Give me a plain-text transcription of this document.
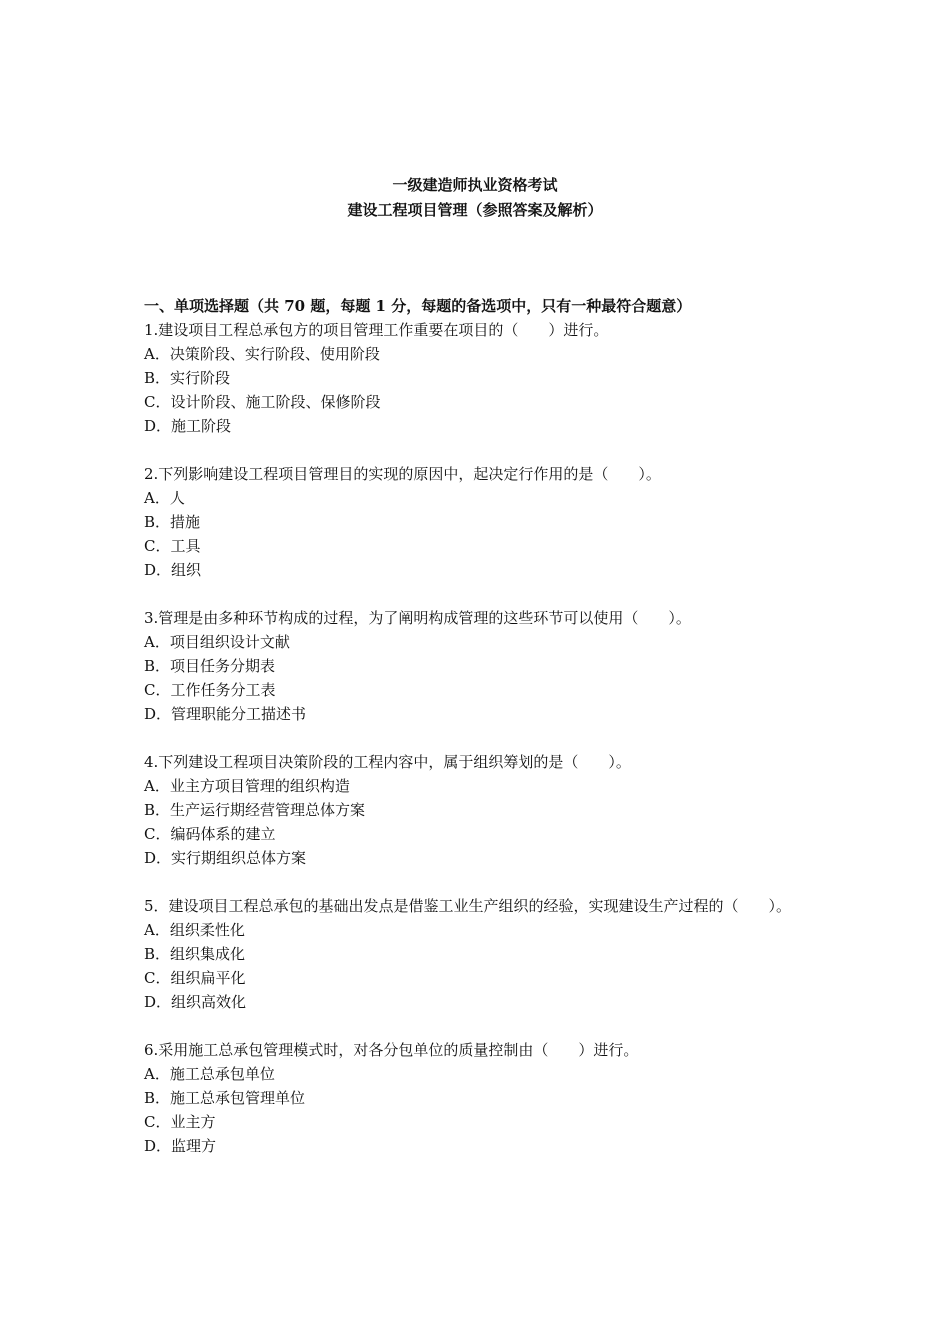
一级建造师执业资格考试
建设工程项目管理（参照答案及解析）

一、单项选择题（共 70 题，每题 1 分，每题的备选项中，只有一种最符合题意）

1.建设项目工程总承包方的项目管理工作重要在项目的（　　）进行。

A．决策阶段、实行阶段、使用阶段

B．实行阶段

C．设计阶段、施工阶段、保修阶段

D．施工阶段

2.下列影响建设工程项目管理目的实现的原因中，起决定行作用的是（　　）。

A．人

B．措施

C．工具

D．组织

3.管理是由多种环节构成的过程，为了阐明构成管理的这些环节可以使用（　　）。

A．项目组织设计文献

B．项目任务分期表

C．工作任务分工表

D．管理职能分工描述书

4.下列建设工程项目决策阶段的工程内容中，属于组织筹划的是（　　）。

A．业主方项目管理的组织构造

B．生产运行期经营管理总体方案

C．编码体系的建立

D．实行期组织总体方案

5．建设项目工程总承包的基础出发点是借鉴工业生产组织的经验，实现建设生产过程的（　　）。

A．组织柔性化

B．组织集成化

C．组织扁平化

D．组织高效化

6.采用施工总承包管理模式时，对各分包单位的质量控制由（　　）进行。

A．施工总承包单位

B．施工总承包管理单位

C．业主方

D．监理方
